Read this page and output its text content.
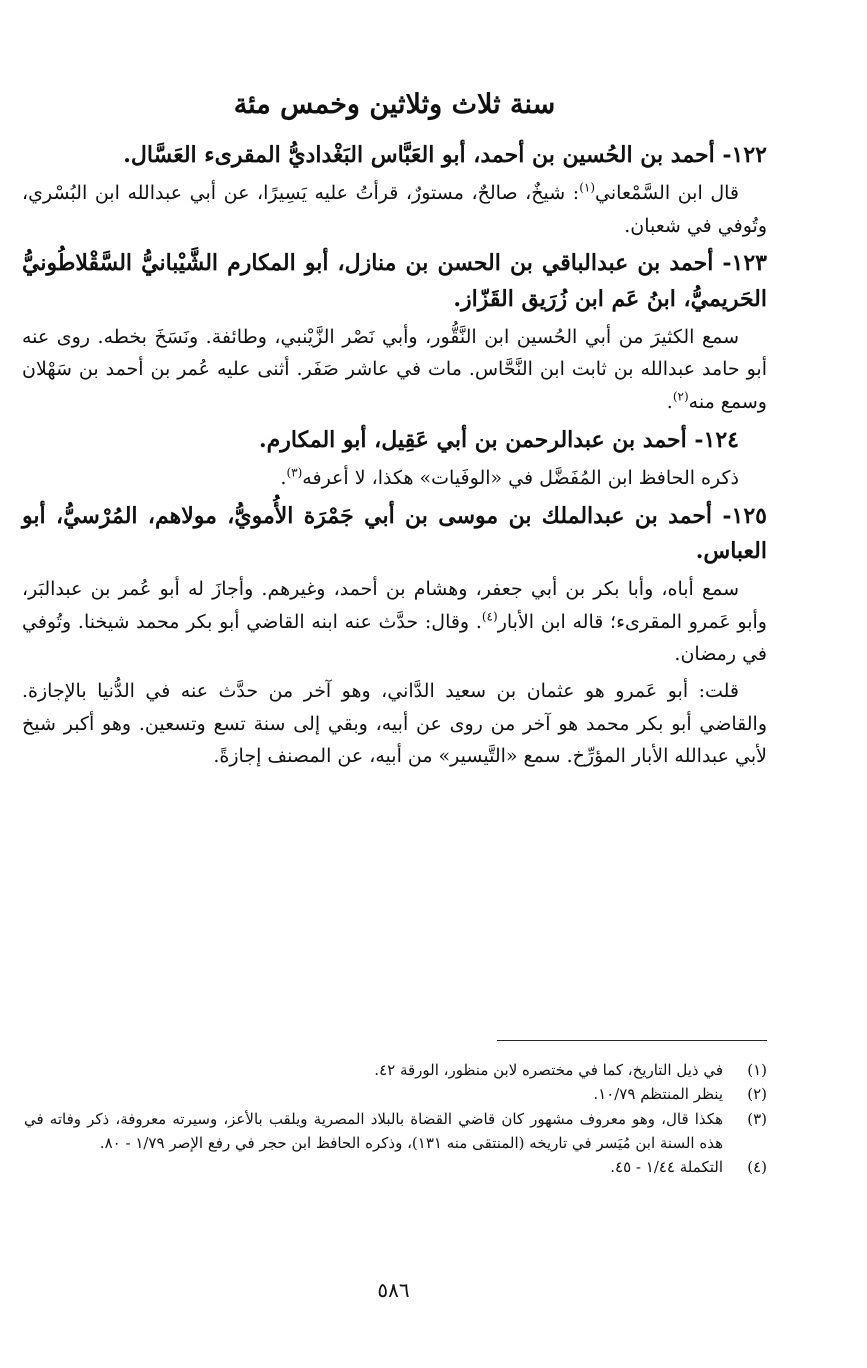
سنة ثلاث وثلاثين وخمس مئة
١٢٢- أحمد بن الحُسين بن أحمد، أبو العَبَّاس البَغْداديُّ المقرىء العَسَّال.

قال ابن السَّمْعاني$^{(١)}$: شيخٌ، صالحٌ، مستورٌ، قرأتُ عليه يَسِيرًا، عن أبي عبدالله ابن البُسْري، وتُوفي في شعبان.

١٢٣- أحمد بن عبدالباقي بن الحسن بن منازل، أبو المكارم الشَّيْبانيُّ السَّقْلاطُونيُّ الحَريميُّ، ابنُ عَم ابن زُرَيق القَزّاز.

سمع الكثيرَ من أبي الحُسين ابن النَّقُّور، وأبي نَصْر الزَّيْنبي، وطائفة. ونَسَخَ بخطه. روى عنه أبو حامد عبدالله بن ثابت ابن النَّحَّاس. مات في عاشر صَفَر. أثنى عليه عُمر بن أحمد بن سَهْلان وسمع منه$^{(٢)}$.

١٢٤- أحمد بن عبدالرحمن بن أبي عَقِيل، أبو المكارم.

ذكره الحافظ ابن المُفَضَّل في «الوفَيات» هكذا، لا أعرفه$^{(٣)}$.

١٢٥- أحمد بن عبدالملك بن موسى بن أبي جَمْرَة الأُمويُّ، مولاهم، المُرْسيُّ، أبو العباس.

سمع أباه، وأبا بكر بن أبي جعفر، وهشام بن أحمد، وغيرهم. وأجازَ له أبو عُمر بن عبدالبَر، وأبو عَمرو المقرىء؛ قاله ابن الأبار$^{(٤)}$. وقال: حدَّث عنه ابنه القاضي أبو بكر محمد شيخنا. وتُوفي في رمضان.

قلت: أبو عَمرو هو عثمان بن سعيد الدَّاني، وهو آخر من حدَّث عنه في الدُّنيا بالإجازة. والقاضي أبو بكر محمد هو آخر من روى عن أبيه، وبقي إلى سنة تسع وتسعين. وهو أكبر شيخ لأبي عبدالله الأبار المؤرِّخ. سمع «التَّيسير» من أبيه، عن المصنف إجازةً.

(١)
في ذيل التاريخ، كما في مختصره لابن منظور، الورقة ٤٢.
(٢)
ينظر المنتظم ١٠/٧٩.
(٣)
هكذا قال، وهو معروف مشهور كان قاضي القضاة بالبلاد المصرية ويلقب بالأعز، وسيرته معروفة، ذكر وفاته في هذه السنة ابن مُيَسر في تاريخه (المنتقى منه ١٣١)، وذكره الحافظ ابن حجر في رفع الإصر ١/٧٩ - ٨٠.
(٤)
التكملة ١/٤٤ - ٤٥.
٥٨٦
